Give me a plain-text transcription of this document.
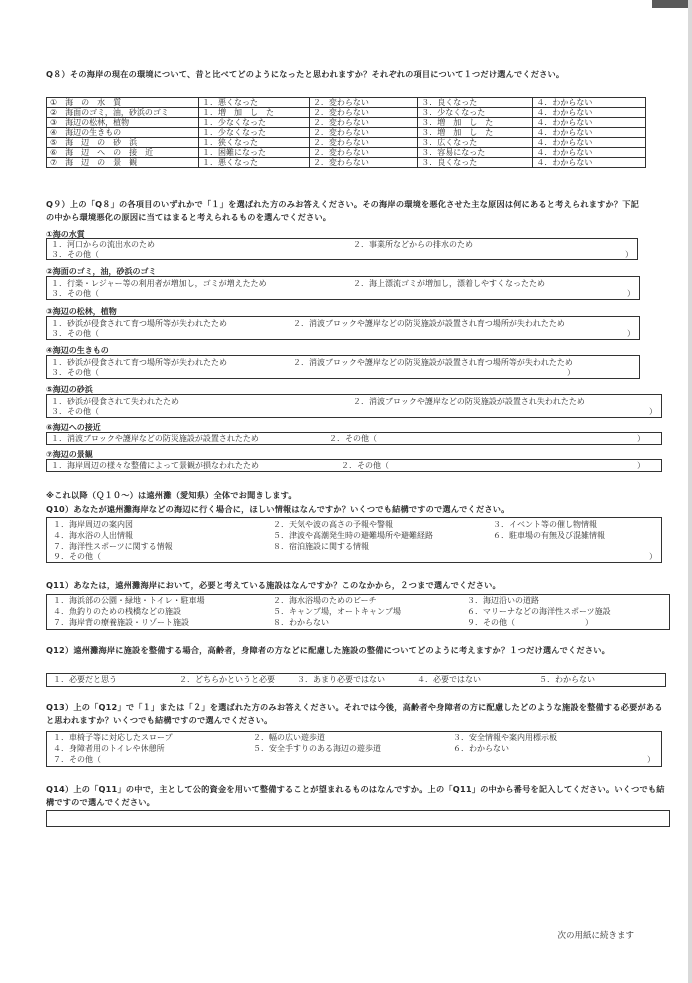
Q８）その海岸の現在の環境について、昔と比べてどのようになったと思われますか？それぞれの項目について１つだけ選んでください。
①　海　の　水　質	１．悪くなった	２．変わらない	３．良くなった	４．わからない
②　海面のゴミ，油，砂浜のゴミ	１．増　加　し　た	２．変わらない	３．少なくなった	４．わからない
③　海辺の松林，植物	１．少なくなった	２．変わらない	３．増　加　し　た	４．わからない
④　海辺の生きもの	１．少なくなった	２．変わらない	３．増　加　し　た	４．わからない
⑤　海　辺　の　砂　浜	１．狭くなった	２．変わらない	３．広くなった	４．わからない
⑥　海　辺　へ　の　接　近	１．困難になった	２．変わらない	３．容易になった	４．わからない
⑦　海　辺　の　景　観	１．悪くなった	２．変わらない	３．良くなった	４．わからない
Q９）上の「Q８」の各項目のいずれかで「１」を選ばれた方のみお答えください。その海岸の環境を悪化させた主な原因は何にあると考えられますか？下記の中から環境悪化の原因に当てはまると考えられるものを選んでください。
①海の水質
１．河口からの流出水のため	２．事業所などからの排水のため
３．その他（	）
②海面のゴミ，油，砂浜のゴミ
１．行楽・レジャー等の利用者が増加し，ゴミが増えたため	２．海上漂流ゴミが増加し，漂着しやすくなったため
３．その他（	）
③海辺の松林，植物
１．砂浜が侵食されて育つ場所等が失われたため	２．消波ブロックや護岸などの防災施設が設置され育つ場所が失われたため
３．その他（	）
④海辺の生きもの
１．砂浜が侵食されて育つ場所等が失われたため	２．消波ブロックや護岸などの防災施設が設置され育つ場所等が失われたため
３．その他（	）
⑤海辺の砂浜
１．砂浜が侵食されて失われたため	２．消波ブロックや護岸などの防災施設が設置され失われたため
３．その他（	）
⑥海辺への接近
１．消波ブロックや護岸などの防災施設が設置されたため	２．その他（	）
⑦海辺の景観
１．海岸周辺の様々な整備によって景観が損なわれたため	２．その他（	）
※これ以降（Ｑ１０～）は遠州灘（愛知県）全体でお聞きします。
Q10）あなたが遠州灘海岸などの海辺に行く場合に，ほしい情報はなんですか？いくつでも結構ですので選んでください。
１．海岸周辺の案内図	２．天気や波の高さの予報や警報	３．イベント等の催し物情報
４．海水浴の人出情報	５．津波や高潮発生時の避難場所や避難経路	６．駐車場の有無及び混雑情報
７．海洋性スポーツに関する情報	８．宿泊施設に関する情報
９．その他（	）
Q11）あなたは，遠州灘海岸において，必要と考えている施設はなんですか？このなかから，２つまで選んでください。
１．海浜部の公園・緑地・トイレ・駐車場	２．海水浴場のためのビーチ	３．海辺沿いの道路
４．魚釣りのための桟橋などの施設	５．キャンプ場，オートキャンプ場	６．マリーナなどの海洋性スポーツ施設
７．海岸背の療養施設・リゾート施設	８．わからない	９．その他（	）
Q12）遠州灘海岸に施設を整備する場合，高齢者，身障者の方などに配慮した施設の整備についてどのように考えますか？１つだけ選んでください。
１．必要だと思う	２．どちらかというと必要	３．あまり必要ではない	４．必要ではない	５．わからない
Q13）上の「Q12」で「１」または「２」を選ばれた方のみお答えください。それでは今後，高齢者や身障者の方に配慮したどのような施設を整備する必要があると思われますか？いくつでも結構ですので選んでください。
１．車椅子等に対応したスロープ	２．幅の広い遊歩道	３．安全情報や案内用標示板
４．身障者用のトイレや休憩所	５．安全手すりのある海辺の遊歩道	６．わからない
７．その他（	）
Q14）上の「Q11」の中で，主として公的資金を用いて整備することが望まれるものはなんですか。上の「Q11」の中から番号を記入してください。いくつでも結構ですので選んでください。
次の用紙に続きます
